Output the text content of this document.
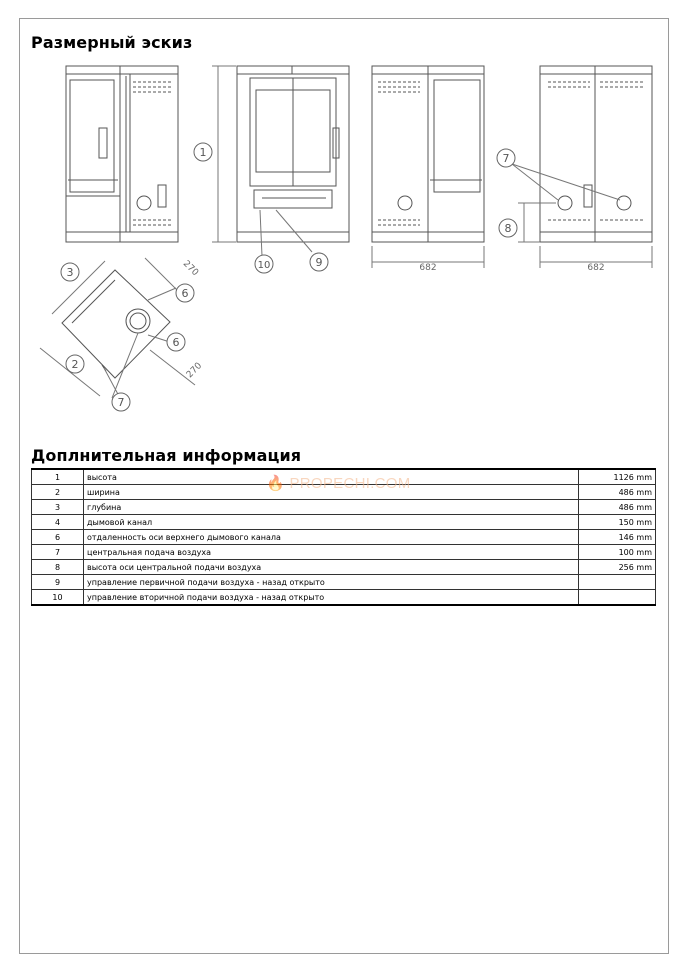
Размерный эскиз
1
10	9
7
8
3
2
6
6
7
682	682
270
270
Доплнительная информация
1	высота	1126 mm
2	ширина	486 mm
3	глубина	486 mm
4	дымовой канал	150 mm
6	отдаленность оси верхнего дымового канала	146 mm
7	центральная подача воздуха	100 mm
8	высота оси центральной подачи воздуха	256 mm
9	управление первичной подачи воздуха - назад открыто	
10	управление вторичной подачи воздуха - назад открыто	
🔥 PROPECHI.COM
